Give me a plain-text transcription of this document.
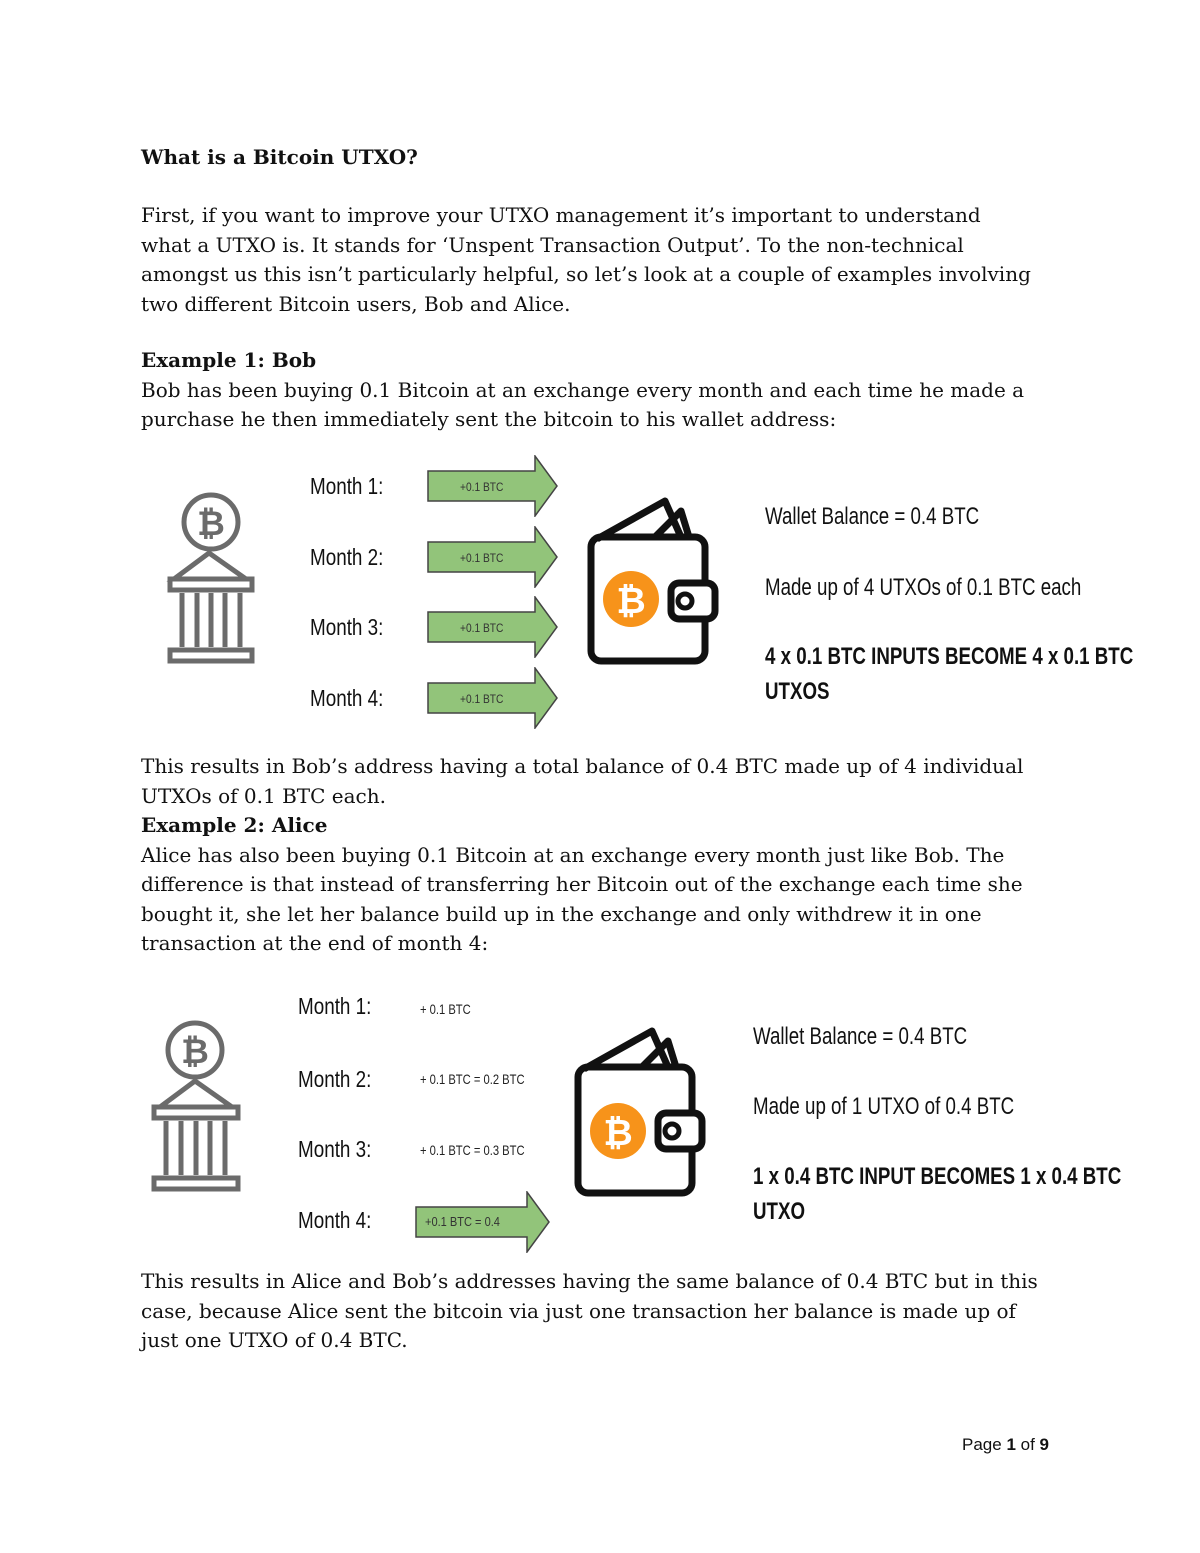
What is a Bitcoin UTXO?
First, if you want to improve your UTXO management it’s important to understand
what a UTXO is. It stands for ‘Unspent Transaction Output’. To the non-technical
amongst us this isn’t particularly helpful, so let’s look at a couple of examples involving
two different Bitcoin users, Bob and Alice.
Example 1: Bob
Bob has been buying 0.1 Bitcoin at an exchange every month and each time he made a
purchase he then immediately sent the bitcoin to his wallet address:
₿
Month 1:
Month 2:
Month 3:
Month 4:
+0.1 BTC
+0.1 BTC
+0.1 BTC
+0.1 BTC
₿
Wallet Balance = 0.4 BTC
Made up of 4 UTXOs of 0.1 BTC each
4 x 0.1 BTC INPUTS BECOME 4 x 0.1 BTC
UTXOS
This results in Bob’s address having a total balance of 0.4 BTC made up of 4 individual
UTXOs of 0.1 BTC each.
Example 2: Alice
Alice has also been buying 0.1 Bitcoin at an exchange every month just like Bob. The
difference is that instead of transferring her Bitcoin out of the exchange each time she
bought it, she let her balance build up in the exchange and only withdrew it in one
transaction at the end of month 4:
₿
Month 1:
Month 2:
Month 3:
Month 4:
+ 0.1 BTC
+ 0.1 BTC = 0.2 BTC
+ 0.1 BTC = 0.3 BTC
+0.1 BTC = 0.4
₿
Wallet Balance = 0.4 BTC
Made up of 1 UTXO of 0.4 BTC
1 x 0.4 BTC INPUT BECOMES 1 x 0.4 BTC
UTXO
This results in Alice and Bob’s addresses having the same balance of 0.4 BTC but in this
case, because Alice sent the bitcoin via just one transaction her balance is made up of
just one UTXO of 0.4 BTC.
Page 1 of 9
